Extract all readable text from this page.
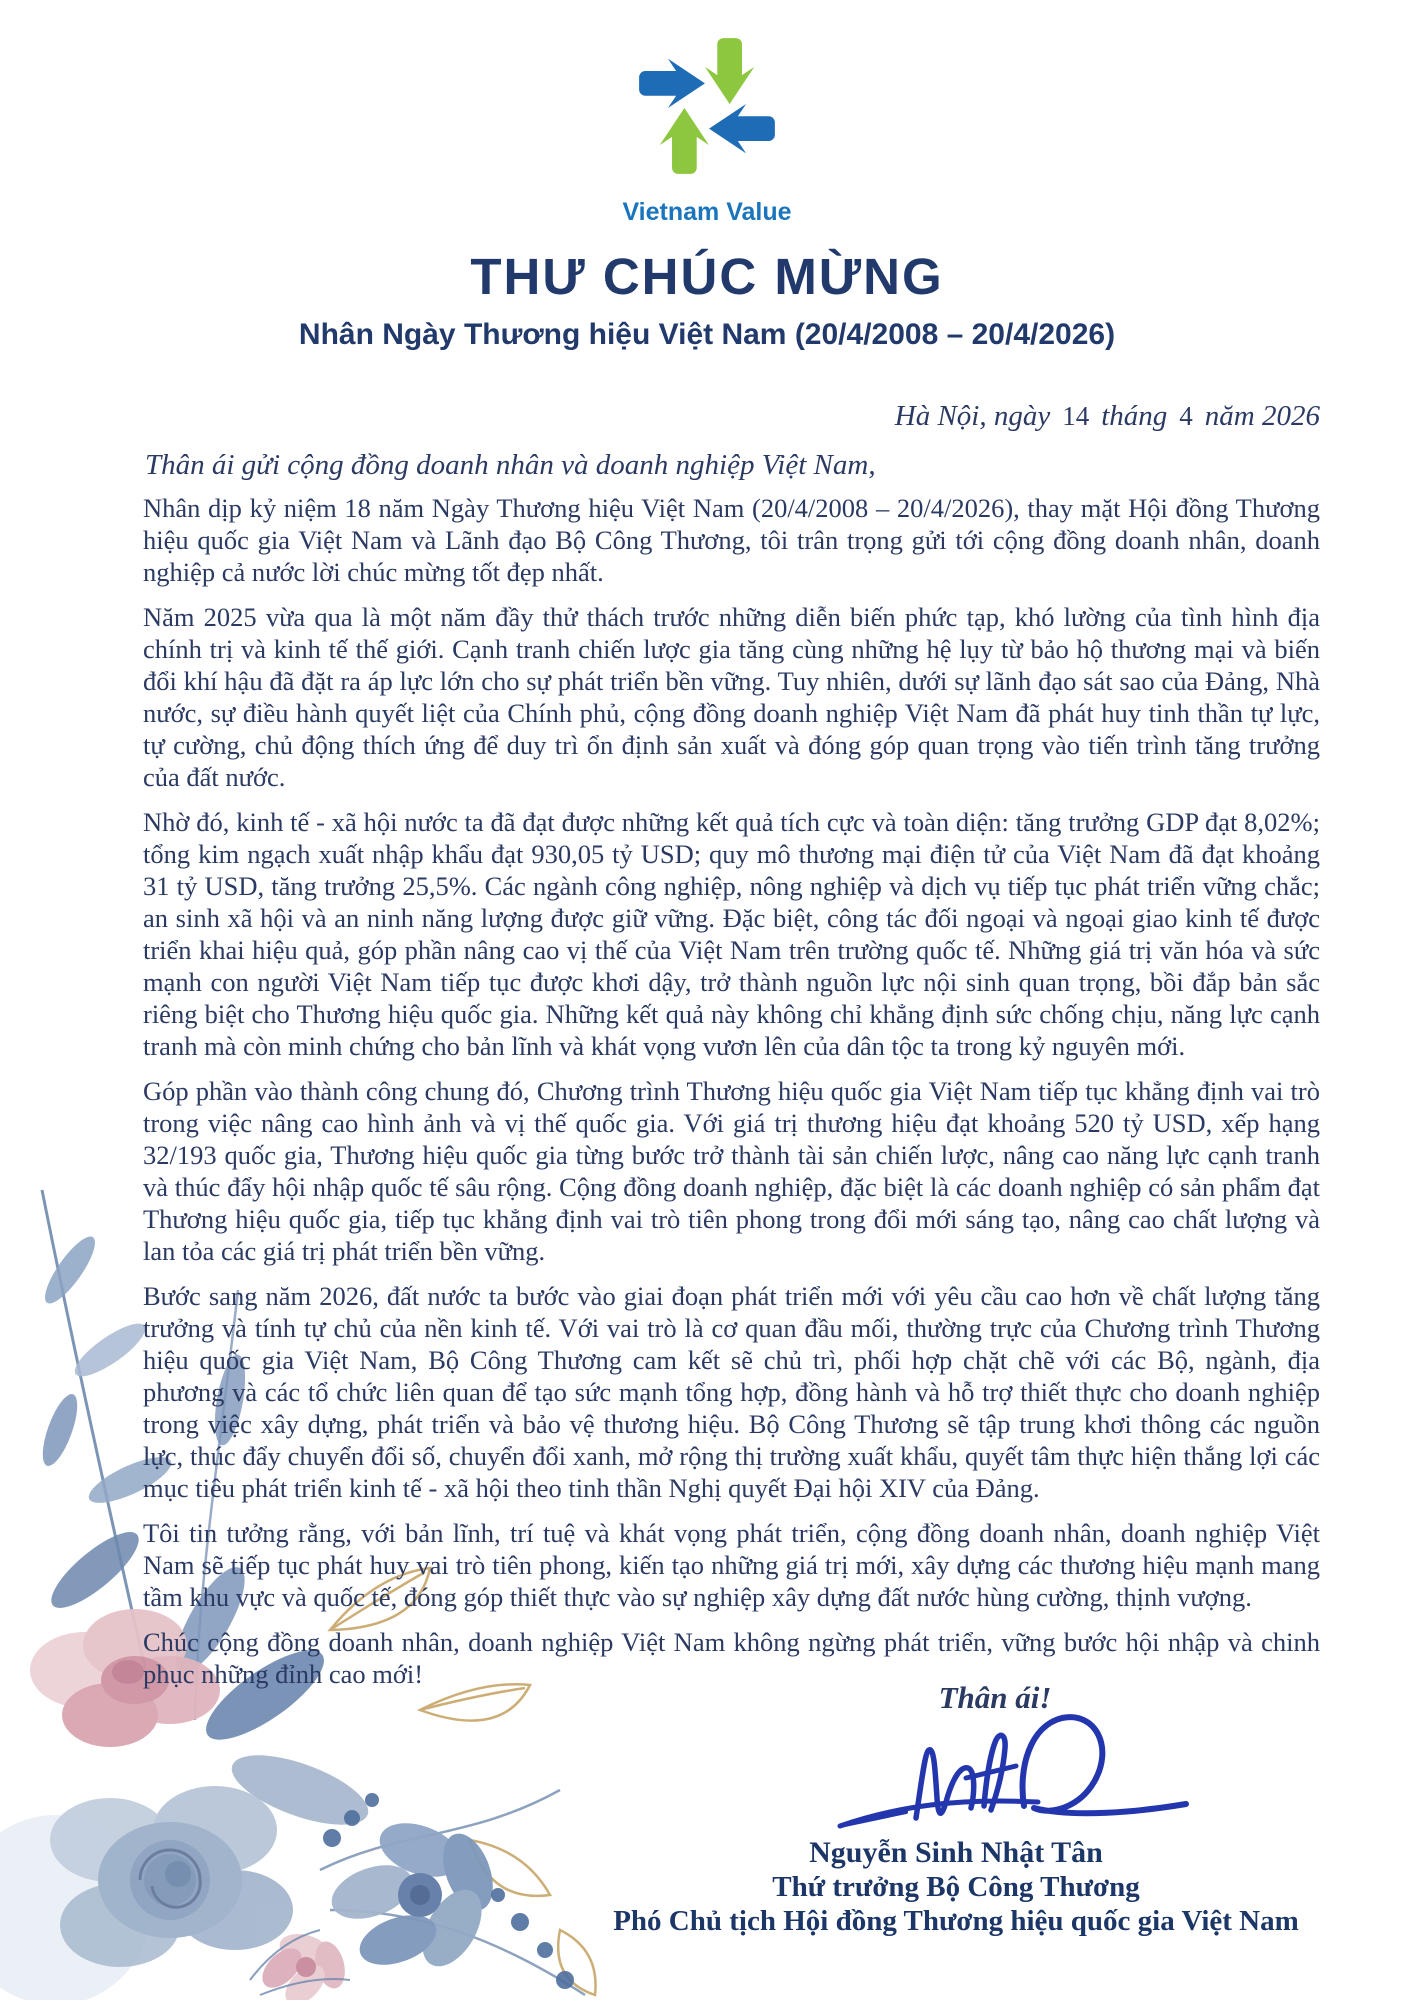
Vietnam Value
THƯ CHÚC MỪNG
Nhân Ngày Thương hiệu Việt Nam (20/4/2008 – 20/4/2026)
Hà Nội, ngày 14 tháng 4 năm 2026
Thân ái gửi cộng đồng doanh nhân và doanh nghiệp Việt Nam,

Nhân dịp kỷ niệm 18 năm Ngày Thương hiệu Việt Nam (20/4/2008 – 20/4/2026), thay mặt Hội đồng Thương hiệu quốc gia Việt Nam và Lãnh đạo Bộ Công Thương, tôi trân trọng gửi tới cộng đồng doanh nhân, doanh nghiệp cả nước lời chúc mừng tốt đẹp nhất.

Năm 2025 vừa qua là một năm đầy thử thách trước những diễn biến phức tạp, khó lường của tình hình địa chính trị và kinh tế thế giới. Cạnh tranh chiến lược gia tăng cùng những hệ lụy từ bảo hộ thương mại và biến đổi khí hậu đã đặt ra áp lực lớn cho sự phát triển bền vững. Tuy nhiên, dưới sự lãnh đạo sát sao của Đảng, Nhà nước, sự điều hành quyết liệt của Chính phủ, cộng đồng doanh nghiệp Việt Nam đã phát huy tinh thần tự lực, tự cường, chủ động thích ứng để duy trì ổn định sản xuất và đóng góp quan trọng vào tiến trình tăng trưởng của đất nước.

Nhờ đó, kinh tế - xã hội nước ta đã đạt được những kết quả tích cực và toàn diện: tăng trưởng GDP đạt 8,02%; tổng kim ngạch xuất nhập khẩu đạt 930,05 tỷ USD; quy mô thương mại điện tử của Việt Nam đã đạt khoảng 31 tỷ USD, tăng trưởng 25,5%. Các ngành công nghiệp, nông nghiệp và dịch vụ tiếp tục phát triển vững chắc; an sinh xã hội và an ninh năng lượng được giữ vững. Đặc biệt, công tác đối ngoại và ngoại giao kinh tế được triển khai hiệu quả, góp phần nâng cao vị thế của Việt Nam trên trường quốc tế. Những giá trị văn hóa và sức mạnh con người Việt Nam tiếp tục được khơi dậy, trở thành nguồn lực nội sinh quan trọng, bồi đắp bản sắc riêng biệt cho Thương hiệu quốc gia. Những kết quả này không chỉ khẳng định sức chống chịu, năng lực cạnh tranh mà còn minh chứng cho bản lĩnh và khát vọng vươn lên của dân tộc ta trong kỷ nguyên mới.

Góp phần vào thành công chung đó, Chương trình Thương hiệu quốc gia Việt Nam tiếp tục khẳng định vai trò trong việc nâng cao hình ảnh và vị thế quốc gia. Với giá trị thương hiệu đạt khoảng 520 tỷ USD, xếp hạng 32/193 quốc gia, Thương hiệu quốc gia từng bước trở thành tài sản chiến lược, nâng cao năng lực cạnh tranh và thúc đẩy hội nhập quốc tế sâu rộng. Cộng đồng doanh nghiệp, đặc biệt là các doanh nghiệp có sản phẩm đạt Thương hiệu quốc gia, tiếp tục khẳng định vai trò tiên phong trong đổi mới sáng tạo, nâng cao chất lượng và lan tỏa các giá trị phát triển bền vững.

Bước sang năm 2026, đất nước ta bước vào giai đoạn phát triển mới với yêu cầu cao hơn về chất lượng tăng trưởng và tính tự chủ của nền kinh tế. Với vai trò là cơ quan đầu mối, thường trực của Chương trình Thương hiệu quốc gia Việt Nam, Bộ Công Thương cam kết sẽ chủ trì, phối hợp chặt chẽ với các Bộ, ngành, địa phương và các tổ chức liên quan để tạo sức mạnh tổng hợp, đồng hành và hỗ trợ thiết thực cho doanh nghiệp trong việc xây dựng, phát triển và bảo vệ thương hiệu. Bộ Công Thương sẽ tập trung khơi thông các nguồn lực, thúc đẩy chuyển đổi số, chuyển đổi xanh, mở rộng thị trường xuất khẩu, quyết tâm thực hiện thắng lợi các mục tiêu phát triển kinh tế - xã hội theo tinh thần Nghị quyết Đại hội XIV của Đảng.

Tôi tin tưởng rằng, với bản lĩnh, trí tuệ và khát vọng phát triển, cộng đồng doanh nhân, doanh nghiệp Việt Nam sẽ tiếp tục phát huy vai trò tiên phong, kiến tạo những giá trị mới, xây dựng các thương hiệu mạnh mang tầm khu vực và quốc tế, đóng góp thiết thực vào sự nghiệp xây dựng đất nước hùng cường, thịnh vượng.

Chúc cộng đồng doanh nhân, doanh nghiệp Việt Nam không ngừng phát triển, vững bước hội nhập và chinh phục những đỉnh cao mới!

Thân ái!
Nguyễn Sinh Nhật Tân
Thứ trưởng Bộ Công Thương
Phó Chủ tịch Hội đồng Thương hiệu quốc gia Việt Nam
